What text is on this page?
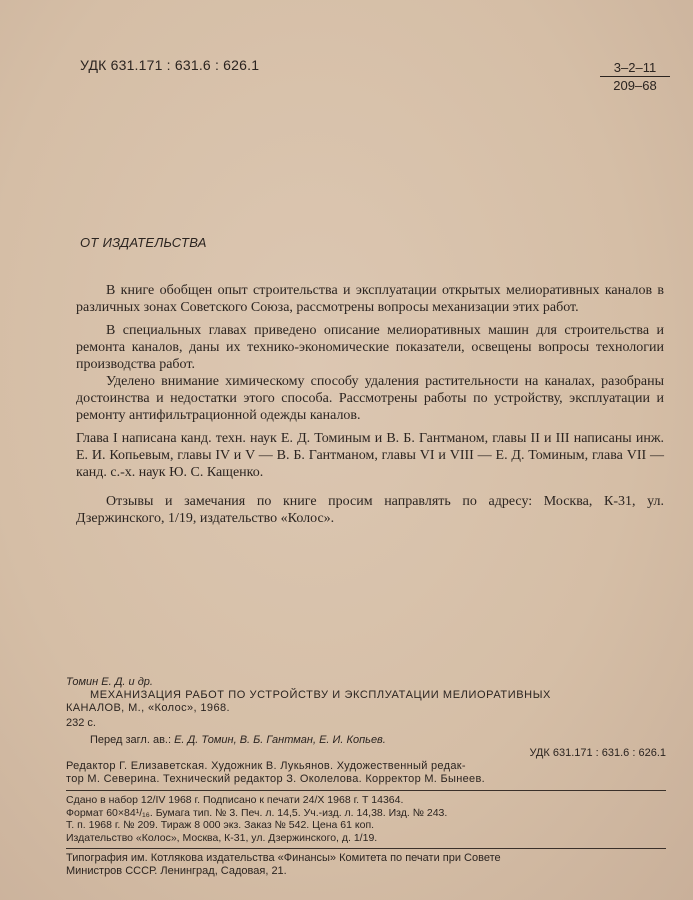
УДК 631.171 : 631.6 : 626.1	$\frac{3-2-11}{209-68}$
ОТ ИЗДАТЕЛЬСТВА

В книге обобщен опыт строительства и эксплуатации открытых мелиоративных каналов в различных зонах Советского Союза, рассмотрены вопросы механизации этих работ.

В специальных главах приведено описание мелиоративных машин для строительства и ремонта каналов, даны их технико-экономические показатели, освещены вопросы технологии производства работ.

Уделено внимание химическому способу удаления растительности на каналах, разобраны достоинства и недостатки этого способа. Рассмотрены работы по устройству, эксплуатации и ремонту антифильтрационной одежды каналов.

Глава I написана канд. техн. наук Е. Д. Томиным и В. Б. Гантманом, главы II и III написаны инж. Е. И. Копьевым, главы IV и V — В. Б. Гантманом, главы VI и VIII — Е. Д. Томиным, глава VII — канд. с.-х. наук Ю. С. Кащенко.

Отзывы и замечания по книге просим направлять по адресу: Москва, К-31, ул. Дзержинского, 1/19, издательство «Колос».

Томин Е. Д. и др.
МЕХАНИЗАЦИЯ РАБОТ ПО УСТРОЙСТВУ И ЭКСПЛУАТАЦИИ МЕЛИОРАТИВНЫХ
КАНАЛОВ, М., «Колос», 1968.
232 с.
Перед загл. ав.: Е. Д. Томин, В. Б. Гантман, Е. И. Копьев.
УДК 631.171 : 631.6 : 626.1
Редактор Г. Елизаветская. Художник В. Лукьянов. Художественный редак-
тор М. Северина. Технический редактор З. Околелова. Корректор М. Бынеев.
Сдано в набор 12/IV 1968 г. Подписано к печати 24/X 1968 г. Т 14364.
Формат 60×84¹/₁₆. Бумага тип. № 3. Печ. л. 14,5. Уч.-изд. л. 14,38. Изд. № 243.
Т. п. 1968 г. № 209. Тираж 8 000 экз. Заказ № 542. Цена 61 коп.
Издательство «Колос», Москва, К-31, ул. Дзержинского, д. 1/19.
Типография им. Котлякова издательства «Финансы» Комитета по печати при Совете
Министров СССР. Ленинград, Садовая, 21.
